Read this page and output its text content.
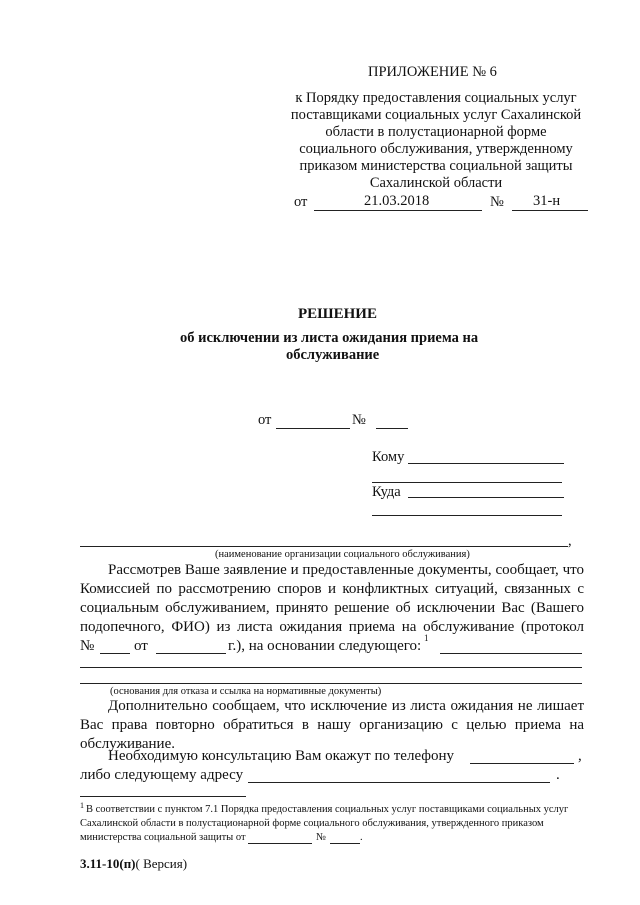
ПРИЛОЖЕНИЕ № 6
к Порядку предоставления социальных услуг
поставщиками социальных услуг Сахалинской
области в полустационарной форме
социального обслуживания, утвержденному
приказом министерства социальной защиты
Сахалинской области
от	21.03.2018	№ 31-н
РЕШЕНИЕ
об исключении из листа ожидания приема на
обслуживание
от	№
Кому
Куда
,
(наименование организации социального обслуживания)
Рассмотрев Ваше заявление и предоставленные документы, сообщает, что
Комиссией по рассмотрению споров и конфликтных ситуаций, связанных с
социальным обслуживанием, принято решение об исключении Вас (Вашего
подопечного, ФИО) из листа ожидания приема на обслуживание (протокол
№	от	г.), на основании следующего: 1
(основания для отказа и ссылка на нормативные документы)
Дополнительно сообщаем, что исключение из листа ожидания не лишает
Вас права повторно обратиться в нашу организацию с целью приема на
обслуживание.
Необходимую консультацию Вам окажут по телефону	,
либо следующему адресу	.
1 В соответствии с пунктом 7.1 Порядка предоставления социальных услуг поставщиками социальных услуг
Сахалинской области в полустационарной форме социального обслуживания, утвержденного приказом
министерства социальной защиты от	№	.
3.11-10(п)( Версия)
